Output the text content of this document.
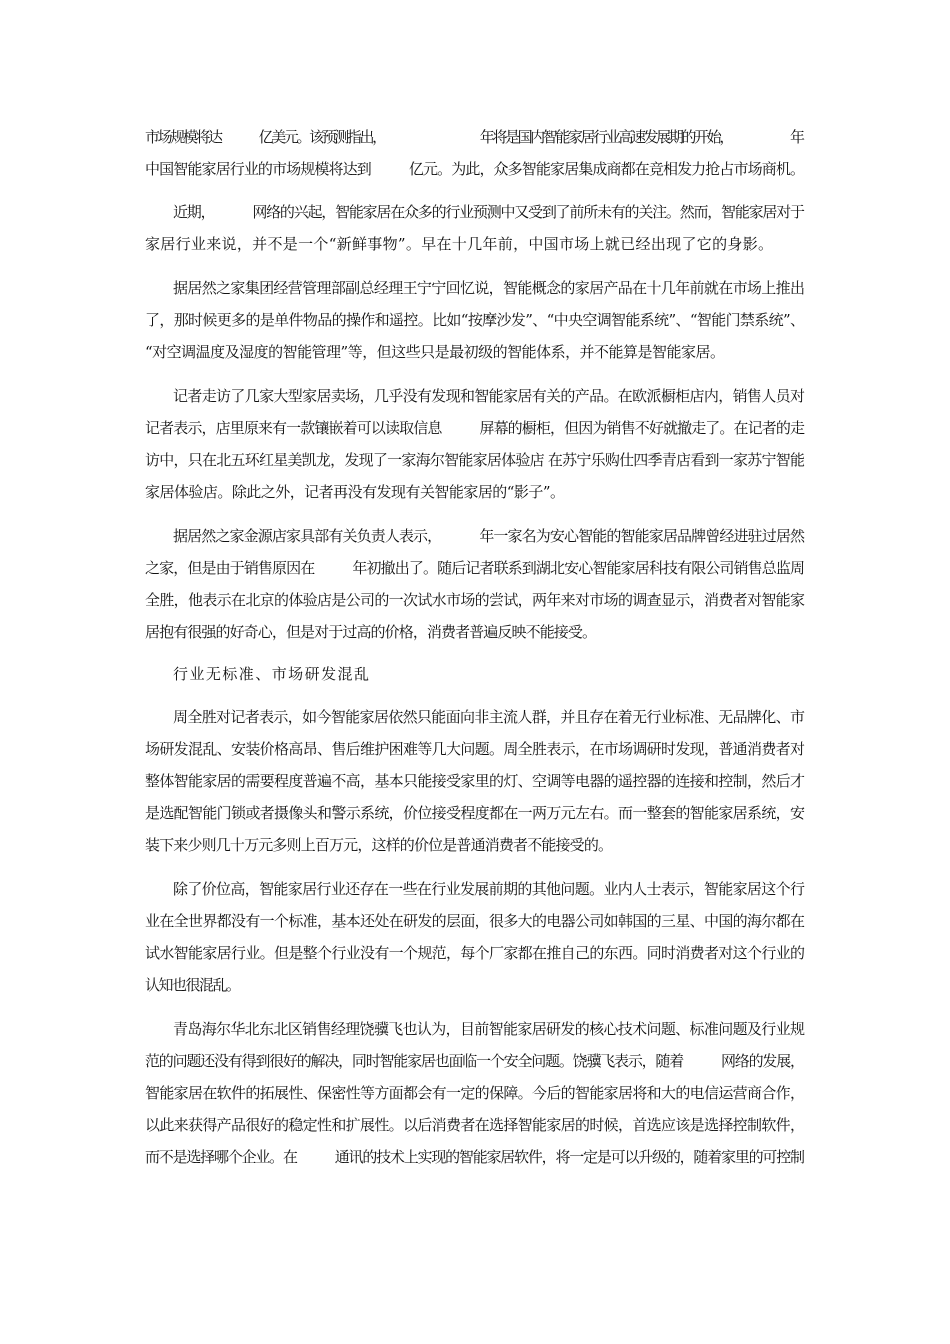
市场规模将达	亿美元。该预测指出，	年将是国内智能家居行业高速发展期的开始，	年
中国智能家居行业的市场规模将达到	亿元。为此，众多智能家居集成商都在竞相发力抢占市场商机。
近期，	网络的兴起，智能家居在众多的行业预测中又受到了前所未有的关注。然而，智能家居对于
家居行业来说，并不是一个“新鲜事物”。早在十几年前，中国市场上就已经出现了它的身影。
据居然之家集团经营管理部副总经理王宁宁回忆说，智能概念的家居产品在十几年前就在市场上推出
了，那时候更多的是单件物品的操作和遥控。比如“按摩沙发”、“中央空调智能系统”、“智能门禁系统”、
“对空调温度及湿度的智能管理”等，但这些只是最初级的智能体系，并不能算是智能家居。
记者走访了几家大型家居卖场，几乎没有发现和智能家居有关的产品。在欧派橱柜店内，销售人员对
记者表示，店里原来有一款镶嵌着可以读取信息	屏幕的橱柜，但因为销售不好就撤走了。在记者的走
访中，只在北五环红星美凯龙，发现了一家海尔智能家居体验店 在苏宁乐购仕四季青店看到一家苏宁智能
家居体验店。除此之外，记者再没有发现有关智能家居的“影子”。
据居然之家金源店家具部有关负责人表示，	年一家名为安心智能的智能家居品牌曾经进驻过居然
之家，但是由于销售原因在	年初撤出了。随后记者联系到湖北安心智能家居科技有限公司销售总监周
全胜，他表示在北京的体验店是公司的一次试水市场的尝试，两年来对市场的调查显示，消费者对智能家
居抱有很强的好奇心，但是对于过高的价格，消费者普遍反映不能接受。
行业无标准、市场研发混乱
周全胜对记者表示，如今智能家居依然只能面向非主流人群，并且存在着无行业标准、无品牌化、市
场研发混乱、安装价格高昂、售后维护困难等几大问题。周全胜表示，在市场调研时发现，普通消费者对
整体智能家居的需要程度普遍不高，基本只能接受家里的灯、空调等电器的遥控器的连接和控制，然后才
是选配智能门锁或者摄像头和警示系统，价位接受程度都在一两万元左右。而一整套的智能家居系统，安
装下来少则几十万元多则上百万元，这样的价位是普通消费者不能接受的。
除了价位高，智能家居行业还存在一些在行业发展前期的其他问题。业内人士表示，智能家居这个行
业在全世界都没有一个标准，基本还处在研发的层面，很多大的电器公司如韩国的三星、中国的海尔都在
试水智能家居行业。但是整个行业没有一个规范，每个厂家都在推自己的东西。同时消费者对这个行业的
认知也很混乱。
青岛海尔华北东北区销售经理饶骥飞也认为，目前智能家居研发的核心技术问题、标准问题及行业规
范的问题还没有得到很好的解决，同时智能家居也面临一个安全问题。饶骥飞表示，随着	网络的发展，
智能家居在软件的拓展性、保密性等方面都会有一定的保障。今后的智能家居将和大的电信运营商合作，
以此来获得产品很好的稳定性和扩展性。以后消费者在选择智能家居的时候，首选应该是选择控制软件，
而不是选择哪个企业。在	通讯的技术上实现的智能家居软件，将一定是可以升级的，随着家里的可控制
